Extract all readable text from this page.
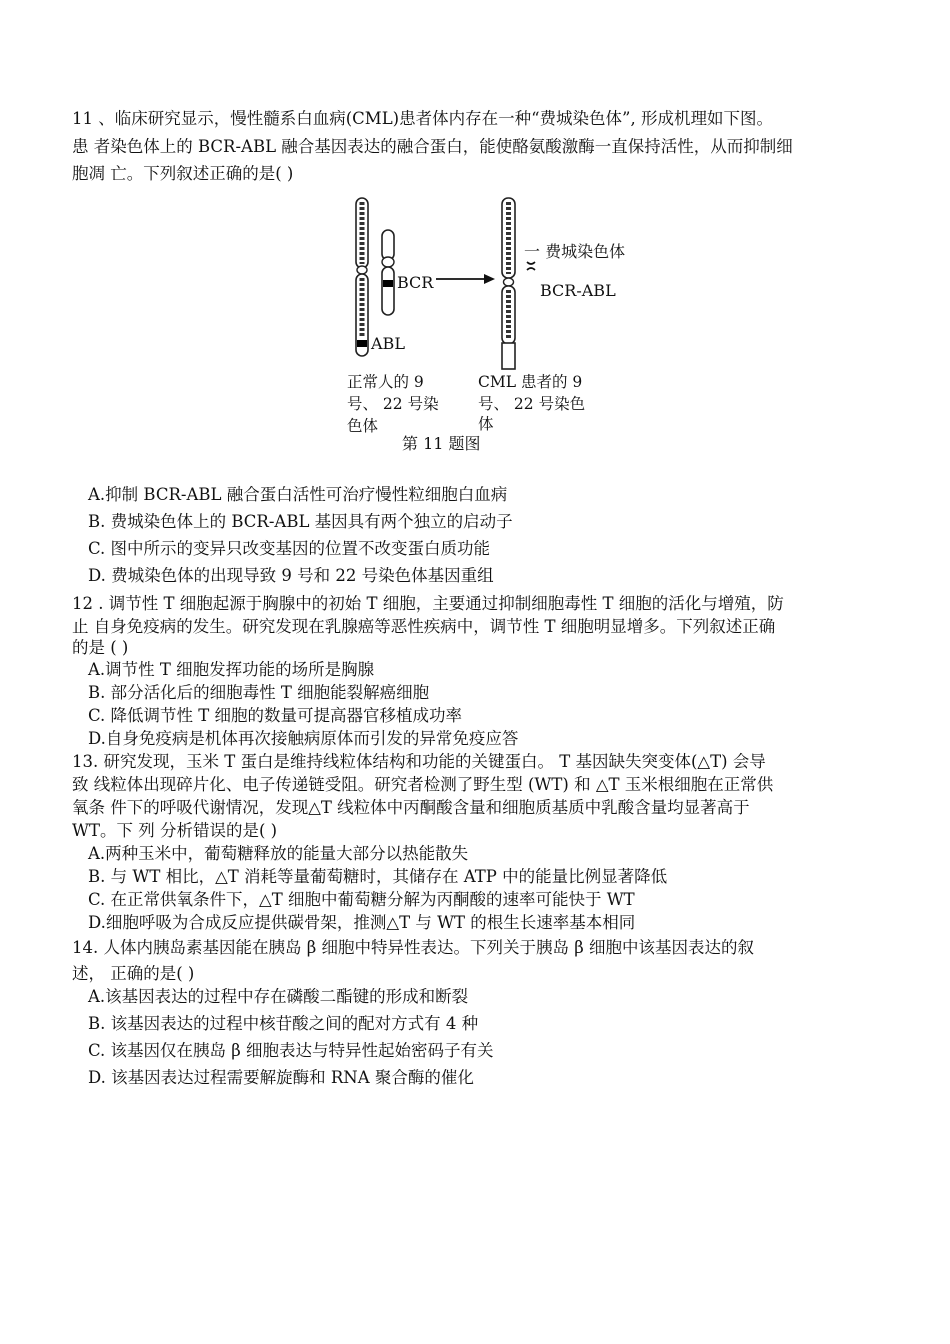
11 、临床研究显示，慢性髓系白血病(CML)患者体内存在一种“费城染色体”, 形成机理如下图。
患 者染色体上的 BCR-ABL 融合基因表达的融合蛋白，能使酪氨酸激酶一直保持活性，从而抑制细
胞凋 亡。下列叙述正确的是( )
BCR
ABL
一 费城染色体
BCR-ABL
正常人的 9
号、 22 号染
色体
CML 患者的 9
号、 22 号染色
体
第 11 题图
A.抑制 BCR-ABL 融合蛋白活性可治疗慢性粒细胞白血病
B. 费城染色体上的 BCR-ABL 基因具有两个独立的启动子
C. 图中所示的变异只改变基因的位置不改变蛋白质功能
D. 费城染色体的出现导致 9 号和 22 号染色体基因重组
12 . 调节性 T 细胞起源于胸腺中的初始 T 细胞，主要通过抑制细胞毒性 T 细胞的活化与增殖，防
止 自身免疫病的发生。研究发现在乳腺癌等恶性疾病中，调节性 T 细胞明显增多。下列叙述正确
的是 ( )
A.调节性 T 细胞发挥功能的场所是胸腺
B. 部分活化后的细胞毒性 T 细胞能裂解癌细胞
C. 降低调节性 T 细胞的数量可提高器官移植成功率
D.自身免疫病是机体再次接触病原体而引发的异常免疫应答
13. 研究发现，玉米 T 蛋白是维持线粒体结构和功能的关键蛋白。 T 基因缺失突变体(△T) 会导
致 线粒体出现碎片化、电子传递链受阻。研究者检测了野生型 (WT) 和 △T 玉米根细胞在正常供
氧条 件下的呼吸代谢情况，发现△T 线粒体中丙酮酸含量和细胞质基质中乳酸含量均显著高于
WT。下 列 分析错误的是( )
A.两种玉米中，葡萄糖释放的能量大部分以热能散失
B. 与 WT 相比，△T 消耗等量葡萄糖时，其储存在 ATP 中的能量比例显著降低
C. 在正常供氧条件下，△T 细胞中葡萄糖分解为丙酮酸的速率可能快于 WT
D.细胞呼吸为合成反应提供碳骨架，推测△T 与 WT 的根生长速率基本相同
14. 人体内胰岛素基因能在胰岛 β 细胞中特异性表达。下列关于胰岛 β 细胞中该基因表达的叙
述， 正确的是( )
A.该基因表达的过程中存在磷酸二酯键的形成和断裂
B. 该基因表达的过程中核苷酸之间的配对方式有 4 种
C. 该基因仅在胰岛 β 细胞表达与特异性起始密码子有关
D. 该基因表达过程需要解旋酶和 RNA 聚合酶的催化
